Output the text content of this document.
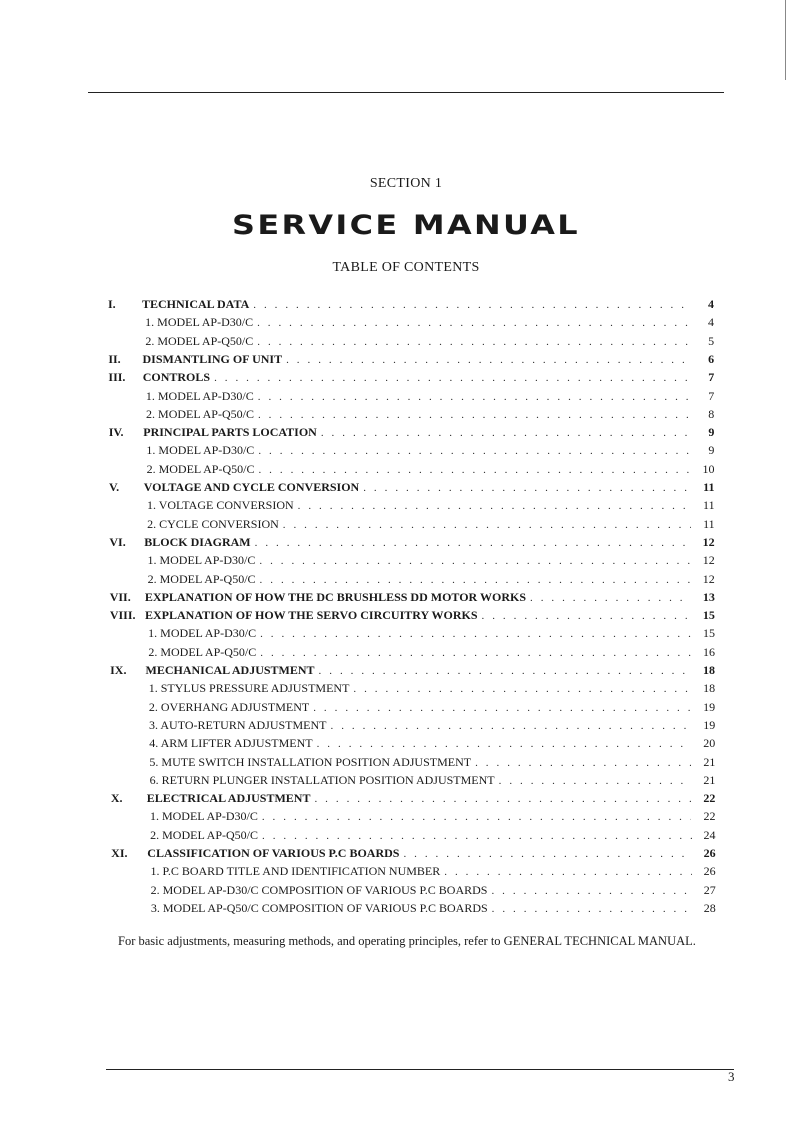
SECTION 1
SERVICE MANUAL
TABLE OF CONTENTS
I. TECHNICAL DATA . . .	4
1. MODEL AP-D30/C . . .	4
2. MODEL AP-Q50/C . . .	5
II. DISMANTLING OF UNIT . . .	6
III. CONTROLS . . .	7
1. MODEL AP-D30/C . . .	7
2. MODEL AP-Q50/C . . .	8
IV. PRINCIPAL PARTS LOCATION . . .	9
1. MODEL AP-D30/C . . .	9
2. MODEL AP-Q50/C . . .	10
V. VOLTAGE AND CYCLE CONVERSION . . .	11
1. VOLTAGE CONVERSION . . .	11
2. CYCLE CONVERSION . . .	11
VI. BLOCK DIAGRAM . . .	12
1. MODEL AP-D30/C . . .	12
2. MODEL AP-Q50/C . . .	12
VII. EXPLANATION OF HOW THE DC BRUSHLESS DD MOTOR WORKS . . .	13
VIII. EXPLANATION OF HOW THE SERVO CIRCUITRY WORKS . . .	15
1. MODEL AP-D30/C . . .	15
2. MODEL AP-Q50/C . . .	16
IX. MECHANICAL ADJUSTMENT . . .	18
1. STYLUS PRESSURE ADJUSTMENT . . .	18
2. OVERHANG ADJUSTMENT . . .	19
3. AUTO-RETURN ADJUSTMENT . . .	19
4. ARM LIFTER ADJUSTMENT . . .	20
5. MUTE SWITCH INSTALLATION POSITION ADJUSTMENT . . .	21
6. RETURN PLUNGER INSTALLATION POSITION ADJUSTMENT . . .	21
X. ELECTRICAL ADJUSTMENT . . .	22
1. MODEL AP-D30/C . . .	22
2. MODEL AP-Q50/C . . .	24
XI. CLASSIFICATION OF VARIOUS P.C BOARDS . . .	26
1. P.C BOARD TITLE AND IDENTIFICATION NUMBER . . .	26
2. MODEL AP-D30/C COMPOSITION OF VARIOUS P.C BOARDS . . .	27
3. MODEL AP-Q50/C COMPOSITION OF VARIOUS P.C BOARDS . . .	28
For basic adjustments, measuring methods, and operating principles, refer to GENERAL TECHNICAL MANUAL.
3
